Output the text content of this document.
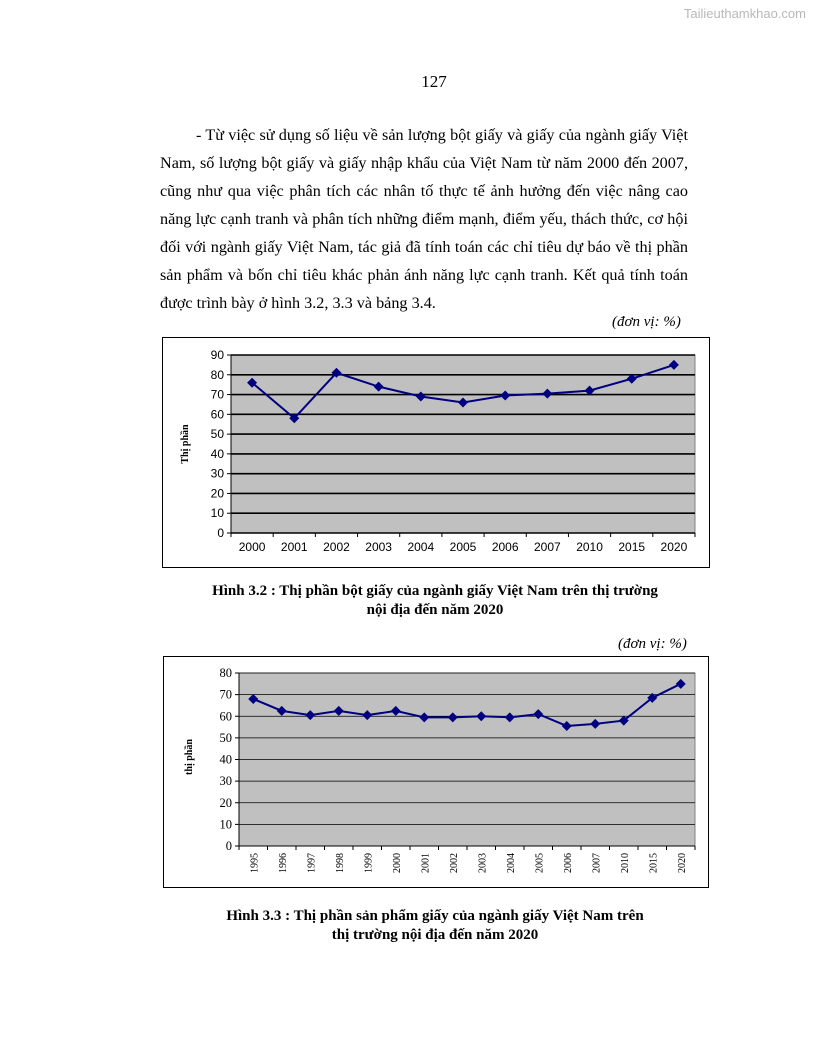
Tailieuthamkhao.com
127

- Từ việc sử dụng số liệu về sản lượng bột giấy và giấy của ngành giấy Việt Nam, số lượng bột giấy và giấy nhập khẩu của Việt Nam từ năm 2000 đến 2007, cũng như qua việc phân tích các nhân tố thực tế ảnh hưởng đến việc nâng cao năng lực cạnh tranh và phân tích những điểm mạnh, điểm yếu, thách thức, cơ hội đối với ngành giấy Việt Nam, tác giả đã tính toán các chỉ tiêu dự báo về thị phần sản phẩm và bốn chỉ tiêu khác phản ánh năng lực cạnh tranh. Kết quả tính toán được trình bày ở hình 3.2, 3.3 và bảng 3.4.

(đơn vị: %)
0
10
20
30
40
50
60
70
80
90
2000 2001 2002 2003 2004 2005 2006 2007 2010 2015 2020
Thị phần
Hình 3.2 : Thị phần bột giấy của ngành giấy Việt Nam trên thị trường
nội địa đến năm 2020
(đơn vị: %)
0
10
20
30
40
50
60
70
80
1995 1996 1997 1998 1999 2000 2001 2002 2003 2004 2005 2006 2007 2010 2015 2020
thị phần
Hình 3.3 : Thị phần sản phẩm giấy của ngành giấy Việt Nam trên
thị trường nội địa đến năm 2020
